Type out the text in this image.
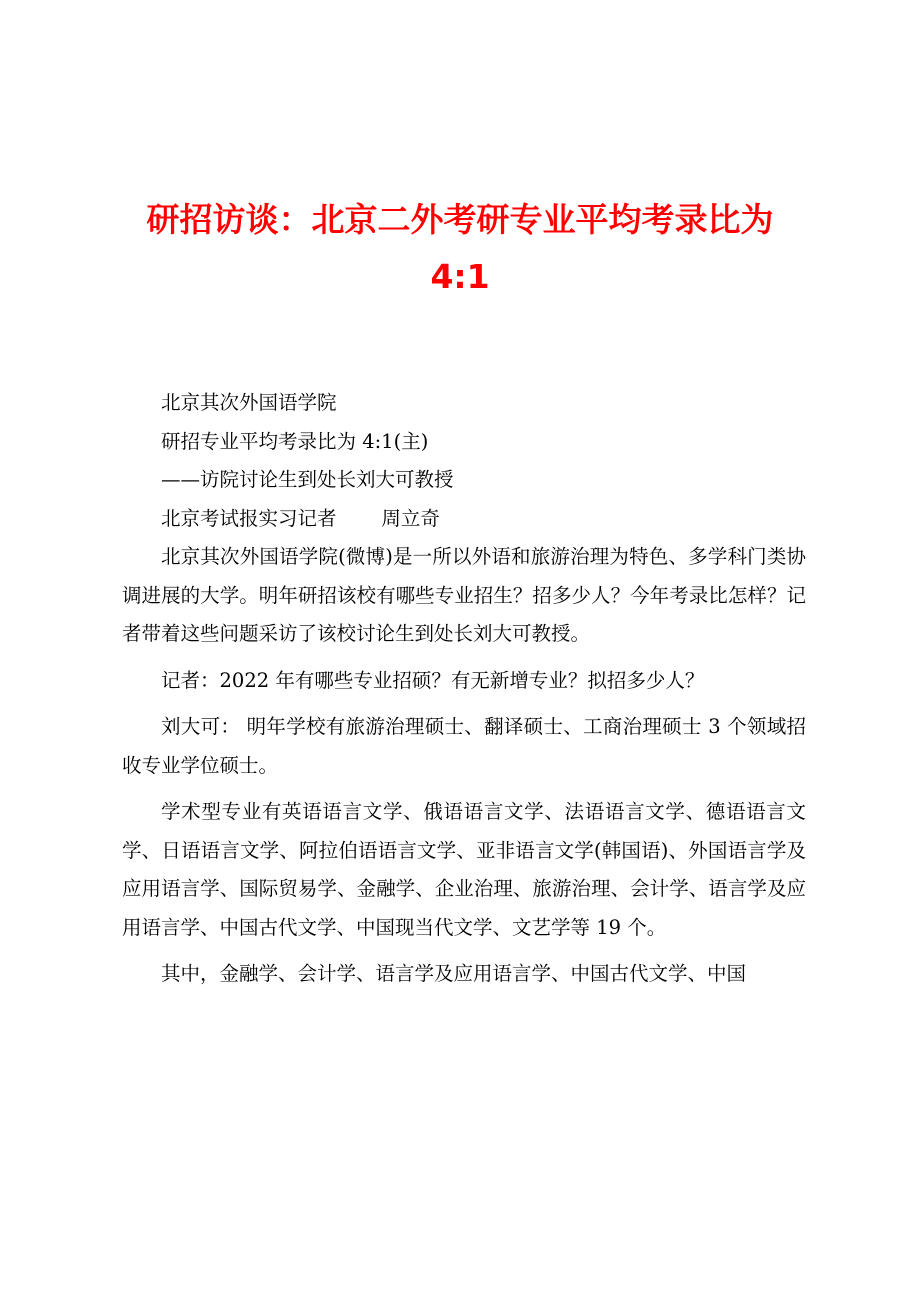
研招访谈：北京二外考研专业平均考录比为
4:1

北京其次外国语学院

研招专业平均考录比为 4:1(主)

——访院讨论生到处长刘大可教授

北京考试报实习记者 周立奇

北京其次外国语学院(微博)是一所以外语和旅游治理为特色、多学科门类协调进展的大学。明年研招该校有哪些专业招生？招多少人？今年考录比怎样？记者带着这些问题采访了该校讨论生到处长刘大可教授。

记者：2022 年有哪些专业招硕？有无新增专业？拟招多少人？

刘大可： 明年学校有旅游治理硕士、翻译硕士、工商治理硕士 3 个领域招收专业学位硕士。

学术型专业有英语语言文学、俄语语言文学、法语语言文学、德语语言文学、日语语言文学、阿拉伯语语言文学、亚非语言文学(韩国语)、外国语言学及应用语言学、国际贸易学、金融学、企业治理、旅游治理、会计学、语言学及应用语言学、中国古代文学、中国现当代文学、文艺学等 19 个。

其中，金融学、会计学、语言学及应用语言学、中国古代文学、中国
